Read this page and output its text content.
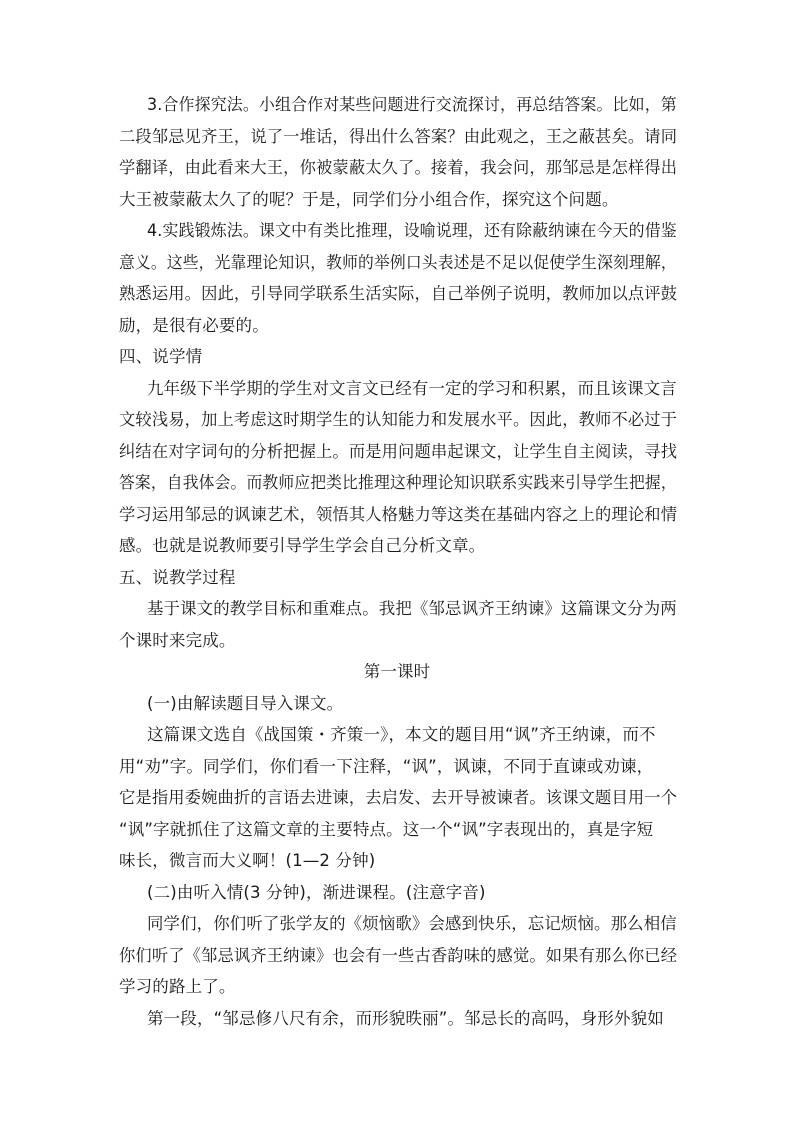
3.合作探究法。小组合作对某些问题进行交流探讨，再总结答案。比如，第
二段邹忌见齐王，说了一堆话，得出什么答案？由此观之，王之蔽甚矣。请同
学翻译，由此看来大王，你被蒙蔽太久了。接着，我会问，那邹忌是怎样得出
大王被蒙蔽太久了的呢？于是，同学们分小组合作，探究这个问题。
4.实践锻炼法。课文中有类比推理，设喻说理，还有除蔽纳谏在今天的借鉴
意义。这些，光靠理论知识，教师的举例口头表述是不足以促使学生深刻理解，
熟悉运用。因此，引导同学联系生活实际，自己举例子说明，教师加以点评鼓
励，是很有必要的。
四、说学情
九年级下半学期的学生对文言文已经有一定的学习和积累，而且该课文言
文较浅易，加上考虑这时期学生的认知能力和发展水平。因此，教师不必过于
纠结在对字词句的分析把握上。而是用问题串起课文，让学生自主阅读，寻找
答案，自我体会。而教师应把类比推理这种理论知识联系实践来引导学生把握，
学习运用邹忌的讽谏艺术，领悟其人格魅力等这类在基础内容之上的理论和情
感。也就是说教师要引导学生学会自己分析文章。
五、说教学过程
基于课文的教学目标和重难点。我把《邹忌讽齐王纳谏》这篇课文分为两
个课时来完成。
第一课时
(一)由解读题目导入课文。
这篇课文选自《战国策・齐策一》，本文的题目用“讽”齐王纳谏，而不
用“劝”字。同学们，你们看一下注释，“讽”，讽谏，不同于直谏或劝谏，
它是指用委婉曲折的言语去进谏，去启发、去开导被谏者。该课文题目用一个
“讽”字就抓住了这篇文章的主要特点。这一个“讽”字表现出的，真是字短
味长，微言而大义啊！(1—2 分钟)
(二)由听入情(3 分钟)，渐进课程。(注意字音)
同学们，你们听了张学友的《烦恼歌》会感到快乐，忘记烦恼。那么相信
你们听了《邹忌讽齐王纳谏》也会有一些古香韵味的感觉。如果有那么你已经
学习的路上了。
第一段，“邹忌修八尺有余，而形貌昳丽”。邹忌长的高吗，身形外貌如
